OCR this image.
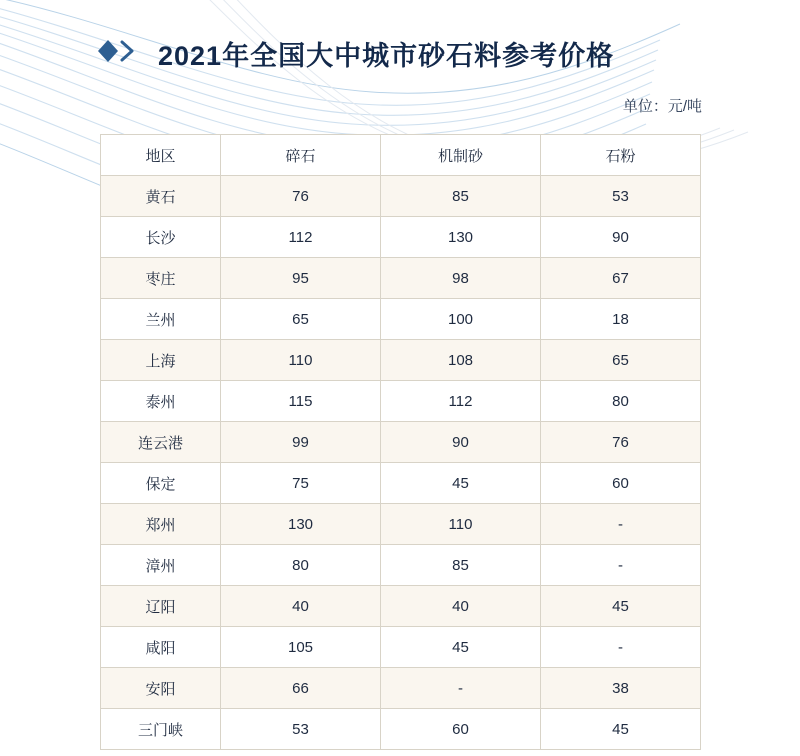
2021年全国大中城市砂石料参考价格
单位：元/吨
地区	碎石	机制砂	石粉
黄石	76	85	53
长沙	112	130	90
枣庄	95	98	67
兰州	65	100	18
上海	110	108	65
泰州	115	112	80
连云港	99	90	76
保定	75	45	60
郑州	130	110	-
漳州	80	85	-
辽阳	40	40	45
咸阳	105	45	-
安阳	66	-	38
三门峡	53	60	45
